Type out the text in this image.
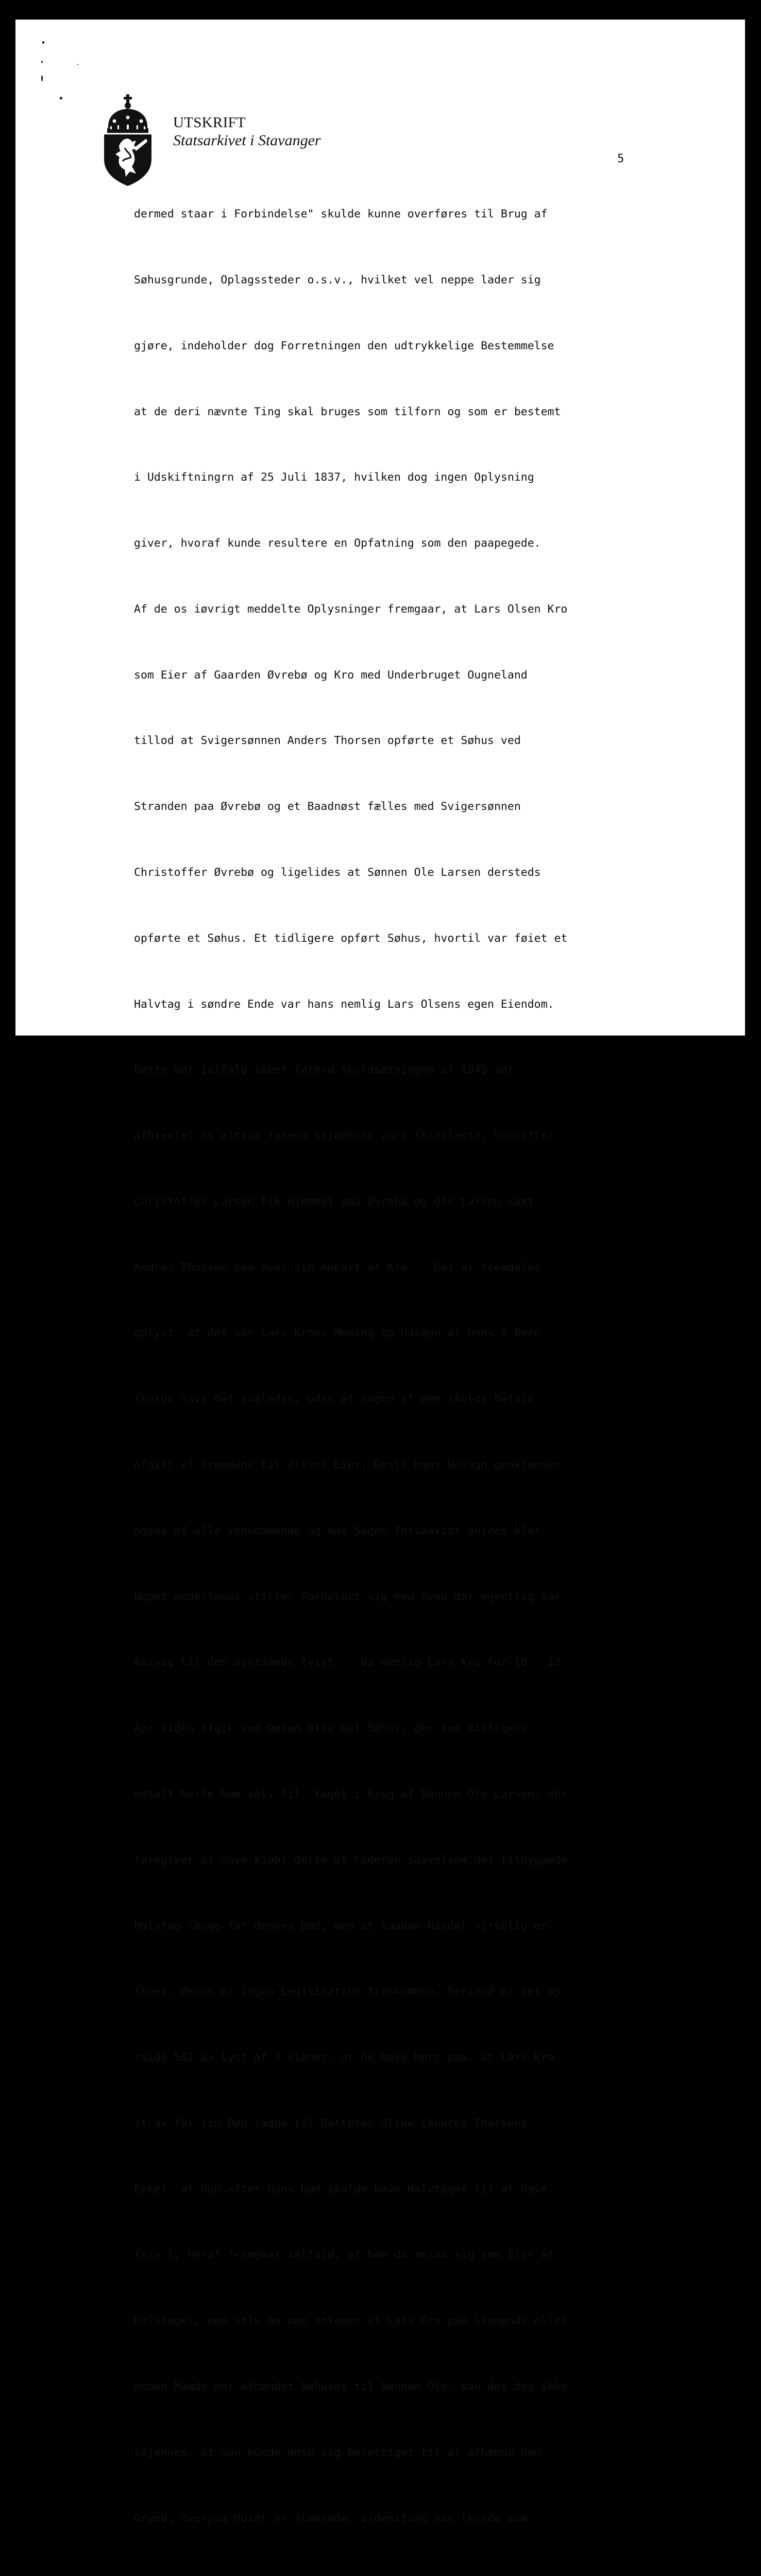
UTSKRIFT
Statsarkivet i Stavanger
5

dermed staar i Forbindelse" skulde kunne overføres til Brug af

Søhusgrunde, Oplagssteder o.s.v., hvilket vel neppe lader sig

gjøre, indeholder dog Forretningen den udtrykkelige Bestemmelse

at de deri nævnte Ting skal bruges som tilforn og som er bestemt

i Udskiftningrn af 25 Juli 1837, hvilken dog ingen Oplysning

giver, hvoraf kunde resultere en Opfatning som den paapegede.

Af de os iøvrigt meddelte Oplysninger fremgaar, at Lars Olsen Kro

som Eier af Gaarden Øvrebø og Kro med Underbruget Ougneland

tillod at Svigersønnen Anders Thorsen opførte et Søhus ved

Stranden paa Øvrebø og et Baadnøst fælles med Svigersønnen

Christoffer Øvrebø og ligelides at Sønnen Ole Larsen dersteds

opførte et Søhus. Et tidligere opført Søhus, hvortil var føiet et

Halvtag i søndre Ende var hans nemlig Lars Olsens egen Eiendom.

Dette var ialfald skeet førend Skyldsætningen af 1845 var

afhjemlet og altsaa førend Skjøderne vare thinglæste, hvorefter

Christoffer Larsen fik Hjemmel paa Øvrebø og Ole Larsen samt

Andres Thorsen paa hver sin Anpart af Kro. - Det er fremdeles

oplyst, at det var Lars Kroes Mening og Udsagn at hans 3 Børn

skulde have det saaledes, uden at nogen af dem skulde betale

Afgift af Grundene til disses Eier. Dette hans Udsagn godkjendes

ogsaa af alle Vedkommende og maa Sagen forsaavidt ansees klar.

Noget anderledes stiller Forholdet sig med hvad der egentlig var

Aarsag til den opstaaede Tvist. - Da nemlig Lars Kro for 10 - 12

Aar siden afgik ved Døden blev det Søhus, der som tidligere

omtalt hørte ham selv til, taget i Brug af Sønnen Ole Larsen, der

foregiver at have kjøbt dette af Faderen saavelsom det tilbyggede

Halvtag længe før dennes Død, men at saadan Handel virkelig er

skeet, derom er ingen Legitimation fremkommen. Derimod er det op-

<side 552 a> lyst af 3 Vidner, at de have hørt paa, at Lars Kro

strax før sin Død sagde til Datteren Oline (Andres Thorsens

Enke), at hun efter hans Død skulde have Halvtaget til at have

Tare i, heraf fremgaar ialfald, at han da ansaa sig som Eier af

Halvtaget, men selv om man antager at Lars Kro paa lignende eller

anden Maade har afhændet Søhuset til Sønnen Ole, kan det dog ikke

skjønnes, at han kunde anse sig berettiget til at afhænde den

Grund, hvorpaa Huset er staaende, aldenstund han levede som
